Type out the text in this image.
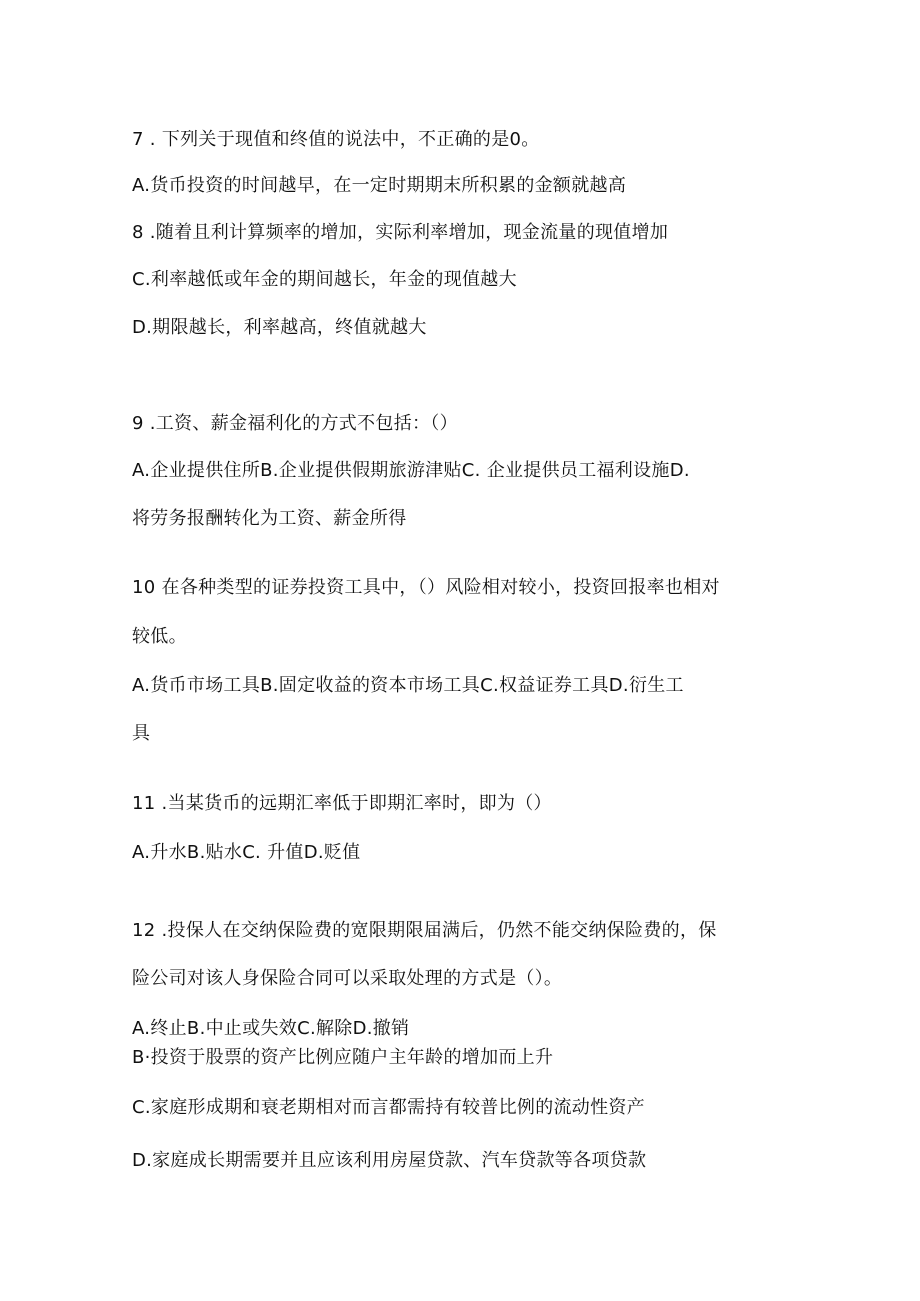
7 . 下列关于现值和终值的说法中，不正确的是0。
A.货币投资的时间越早，在一定时期期末所积累的金额就越高
8 .随着且利计算频率的增加，实际利率增加，现金流量的现值增加
C.利率越低或年金的期间越长，年金的现值越大
D.期限越长，利率越高，终值就越大
9 .工资、薪金福利化的方式不包括：（）
A.企业提供住所B.企业提供假期旅游津贴C. 企业提供员工福利设施D.
将劳务报酬转化为工资、薪金所得
10 在各种类型的证券投资工具中，（）风险相对较小，投资回报率也相对
较低。
A.货币市场工具B.固定收益的资本市场工具C.权益证券工具D.衍生工
具
11 .当某货币的远期汇率低于即期汇率时，即为（）
A.升水B.贴水C. 升值D.贬值
12 .投保人在交纳保险费的宽限期限届满后，仍然不能交纳保险费的，保
险公司对该人身保险合同可以采取处理的方式是（）。
A.终止B.中止或失效C.解除D.撤销
B·投资于股票的资产比例应随户主年龄的增加而上升
C.家庭形成期和衰老期相对而言都需持有较普比例的流动性资产
D.家庭成长期需要并且应该利用房屋贷款、汽车贷款等各项贷款
